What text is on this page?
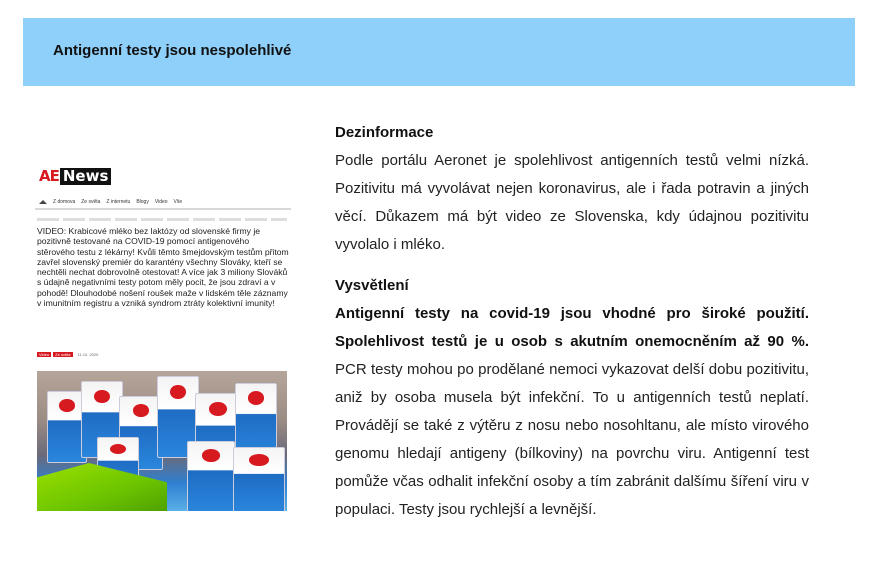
Antigenní testy jsou nespolehlivé
AE News
Z domova Ze světa Z internetu Blogy Video Vše
VIDEO: Krabicové mléko bez laktózy od slovenské firmy je pozitivně testované na COVID-19 pomocí antigenového stěrového testu z lékárny! Kvůli těmto šmejdovským testům přitom zavřel slovenský premiér do karantény všechny Slováky, kteří se nechtěli nechat dobrovolně otestovat! A více jak 3 miliony Slováků s údajně negativními testy potom měly pocit, že jsou zdraví a v pohodě! Dlouhodobé nošení roušek maže v lidském těle záznamy v imunitním registru a vzniká syndrom ztráty kolektivní imunity!
Video	Ze světa	11.10. 2020
Dezinformace

Podle portálu Aeronet je spolehlivost antigenních testů velmi nízká. Pozitivitu má vyvolávat nejen koronavirus, ale i řada potravin a jiných věcí. Důkazem má být video ze Slovenska, kdy údajnou pozitivitu vyvolalo i mléko.

Vysvětlení

Antigenní testy na covid-19 jsou vhodné pro široké použití. Spolehlivost testů je u osob s akutním onemocněním až 90 %. PCR testy mohou po prodělané nemoci vykazovat delší dobu pozitivitu, aniž by osoba musela být infekční. To u antigenních testů neplatí. Provádějí se také z výtěru z nosu nebo nosohltanu, ale místo virového genomu hledají antigeny (bílkoviny) na povrchu viru. Antigenní test pomůže včas odhalit infekční osoby a tím zabránit dalšímu šíření viru v populaci. Testy jsou rychlejší a levnější.
